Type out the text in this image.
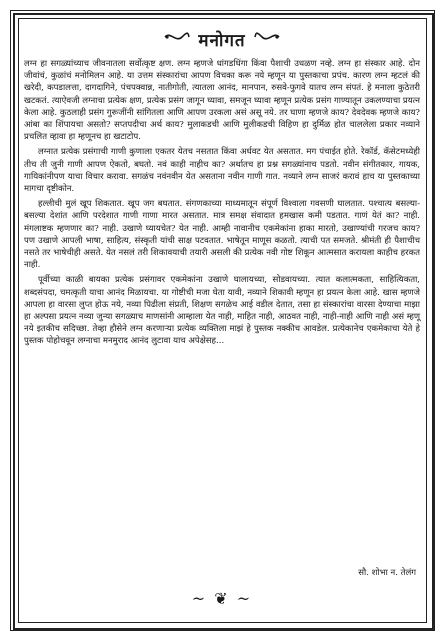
मनोगत

लग्न हा सगळ्यांच्याच जीवनातला सर्वोत्कृष्ट क्षण. लग्न म्हणजे धांगडधिंगा किंवा पैशाची उधळण नव्हे. लग्न हा संस्कार आहे. दोन जीवांचं, कुळांचं मनोमिलन आहे. या उत्तम संस्कारांचा आपण विचका करू नये म्हणून या पुस्तकाचा प्रपंच. कारण लग्न म्हटलं की खरेदी, कपडालत्ता, दागदागिने, पंचपक्वान्न, नातीगोती, त्यातला आनंद, मानपान, रुसवे-फुगवे यातच लग्न संपतं. हे मनाला कुठेतरी खटकतं. त्याऐवजी लग्नाचा प्रत्येक क्षण, प्रत्येक प्रसंग जागून घ्यावा, समजून घ्यावा म्हणून प्रत्येक प्रसंग गाण्यातून उकलण्याचा प्रयत्न केला आहे. कुठलाही प्रसंग गुरूजींनी सांगितला आणि आपण उरकला असं असू नये. तर घाणा म्हणजे काय? देवदेवक म्हणजे काय? आंबा का शिंपायचा असतो? सप्तपदीचा अर्थ काय? मुलाकडची आणि मुलीकडची विहिण हा दुर्मिळ होत चाललेला प्रकार नव्याने प्रचलित व्हावा हा म्हणूनच हा खटाटोप.

लग्नात प्रत्येक प्रसंगाची गाणी कुणाला एकतर येतच नसतात किंवा अर्धवट येत असतात. मग पंचाईत होते. रेकॉर्ड, कॅसेटमध्येही तीच ती जुनी गाणी आपण ऐकतो, बघतो. नवं काही नाहीच का? अर्थातच हा प्रश्न सगळ्यांनाच पडतो. नवीन संगीतकार, गायक, गायिकांनीपण याचा विचार करावा. सगळंच नवंनवीन येत असताना नवीन गाणी गात. नव्याने लग्न साजरं करावं हाच या पुस्तकाच्या मागचा दृष्टीकोन.

हल्लीची मुलं खूप शिकतात. खूप जग बघतात. संगणकाच्या माध्यमातून संपूर्ण विश्वाला गवसणी घालतात. पश्चात्य बसल्या-बसल्या देशांत आणि परदेशात गाणी गाणा मारत असतात. मात्र समक्ष संवादात हमखास कमी पडतात. गाणं येतं का? नाही. मंगलाष्टक म्हणणार का? नाही. उखाणे घ्यायचेत? येत नाही. आम्ही नावानीच एकमेकांना हाका मारतो, उखाण्यांची गरजच काय? पण उखाणे आपली भाषा, साहित्य, संस्कृती यांची साक्ष पटवतात. भाषेतून माणूस कळतो. त्याची पत समजते. श्रीमंती ही पैशाचीच नसते तर भाषेचीही असते. येत नसलं तरी शिकावयाची तयारी असली की प्रत्येक नवी गोष्ट शिकून आत्मसात करायला काहीच हरकत नाही.

पूर्वीच्या काळी बायका प्रत्येक प्रसंगावर एकमेकांना उखाणे घालायच्या, सोडवायच्या. त्यात कलात्मकता, साहित्यिकता, शब्दसंपदा, चमत्कृती याचा आनंद मिळायचा. या गोष्टीची मजा घेता यावी, नव्याने शिकावी म्हणून हा प्रयत्न केला आहे. खास म्हणजे आपला हा वारसा लुप्त होऊ नये, नव्या पिढीला संप्रती, शिक्षण सगळेच आई वडील देतात, तसा हा संस्कारांचा वारसा देण्याचा माझा हा अल्पसा प्रयत्न नव्या जुन्या सगळ्याच माणसांनी आम्हाला येत नाही, माहित नाही, आठवत नाही, नाही-नाही आणि नाही असं म्हणू नये इतकीच सदिच्छा. तेव्हा हौसेने लग्न करणाऱ्या प्रत्येक व्यक्तिला माझं हे पुस्तक नक्कीच आवडेल. प्रत्येकानेच एकमेकाचा येते हे पुस्तक पोहोचवून लग्नाचा मनमुराद आनंद लुटावा याच अपेक्षेसह...

सौ. शोभा न. तेलंग
~ ❦ ~
